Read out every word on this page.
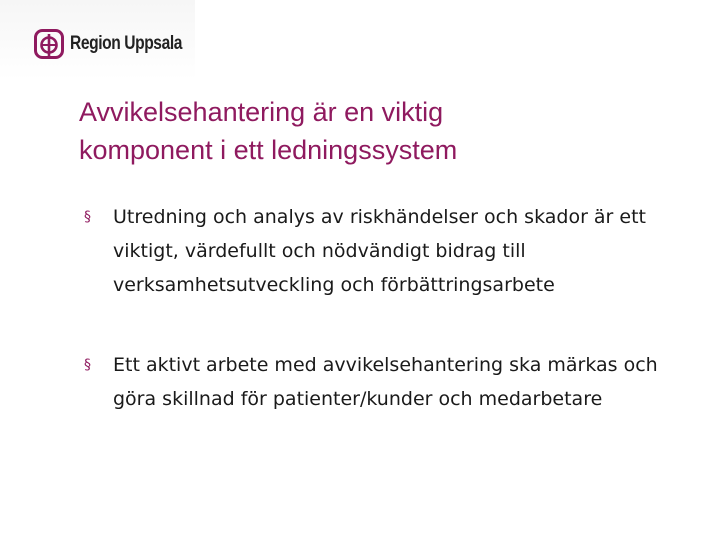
Region Uppsala
Avvikelsehantering är en viktig
komponent i ett ledningssystem
§ Utredning och analys av riskhändelser och skador är ett viktigt, värdefullt och nödvändigt bidrag till verksamhetsutveckling och förbättringsarbete
§ Ett aktivt arbete med avvikelsehantering ska märkas och göra skillnad för patienter/kunder och medarbetare
